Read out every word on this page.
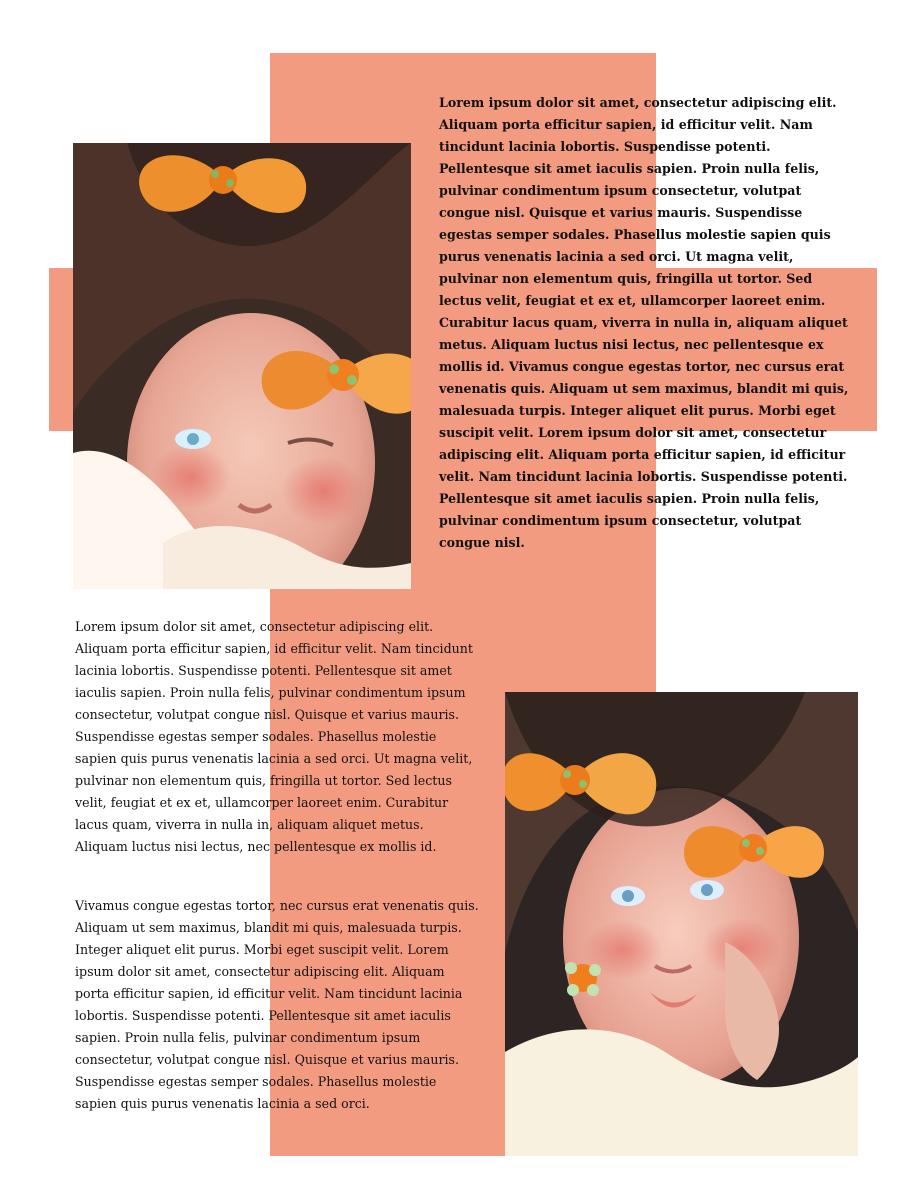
Lorem ipsum dolor sit amet, consectetur adipiscing elit. Aliquam porta efficitur sapien, id efficitur velit. Nam tincidunt lacinia lobortis. Suspendisse potenti. Pellentesque sit amet iaculis sapien. Proin nulla felis, pulvinar condimentum ipsum consectetur, volutpat congue nisl. Quisque et varius mauris. Suspendisse egestas semper sodales. Phasellus molestie sapien quis purus venenatis lacinia a sed orci. Ut magna velit, pulvinar non elementum quis, fringilla ut tortor. Sed lectus velit, feugiat et ex et, ullamcorper laoreet enim. Curabitur lacus quam, viverra in nulla in, aliquam aliquet metus. Aliquam luctus nisi lectus, nec pellentesque ex mollis id. Vivamus congue egestas tortor, nec cursus erat venenatis quis. Aliquam ut sem maximus, blandit mi quis, malesuada turpis. Integer aliquet elit purus. Morbi eget suscipit velit. Lorem ipsum dolor sit amet, consectetur adipiscing elit. Aliquam porta efficitur sapien, id efficitur velit. Nam tincidunt lacinia lobortis. Suspendisse potenti. Pellentesque sit amet iaculis sapien. Proin nulla felis, pulvinar condimentum ipsum consectetur, volutpat congue nisl.

Lorem ipsum dolor sit amet, consectetur adipiscing elit. Aliquam porta efficitur sapien, id efficitur velit. Nam tincidunt lacinia lobortis. Suspendisse potenti. Pellentesque sit amet iaculis sapien. Proin nulla felis, pulvinar condimentum ipsum consectetur, volutpat congue nisl. Quisque et varius mauris. Suspendisse egestas semper sodales. Phasellus molestie sapien quis purus venenatis lacinia a sed orci. Ut magna velit, pulvinar non elementum quis, fringilla ut tortor. Sed lectus velit, feugiat et ex et, ullamcorper laoreet enim. Curabitur lacus quam, viverra in nulla in, aliquam aliquet metus. Aliquam luctus nisi lectus, nec pellentesque ex mollis id.

Vivamus congue egestas tortor, nec cursus erat venenatis quis. Aliquam ut sem maximus, blandit mi quis, malesuada turpis. Integer aliquet elit purus. Morbi eget suscipit velit. Lorem ipsum dolor sit amet, consectetur adipiscing elit. Aliquam porta efficitur sapien, id efficitur velit. Nam tincidunt lacinia lobortis. Suspendisse potenti. Pellentesque sit amet iaculis sapien. Proin nulla felis, pulvinar condimentum ipsum consectetur, volutpat congue nisl. Quisque et varius mauris. Suspendisse egestas semper sodales. Phasellus molestie sapien quis purus venenatis lacinia a sed orci.
